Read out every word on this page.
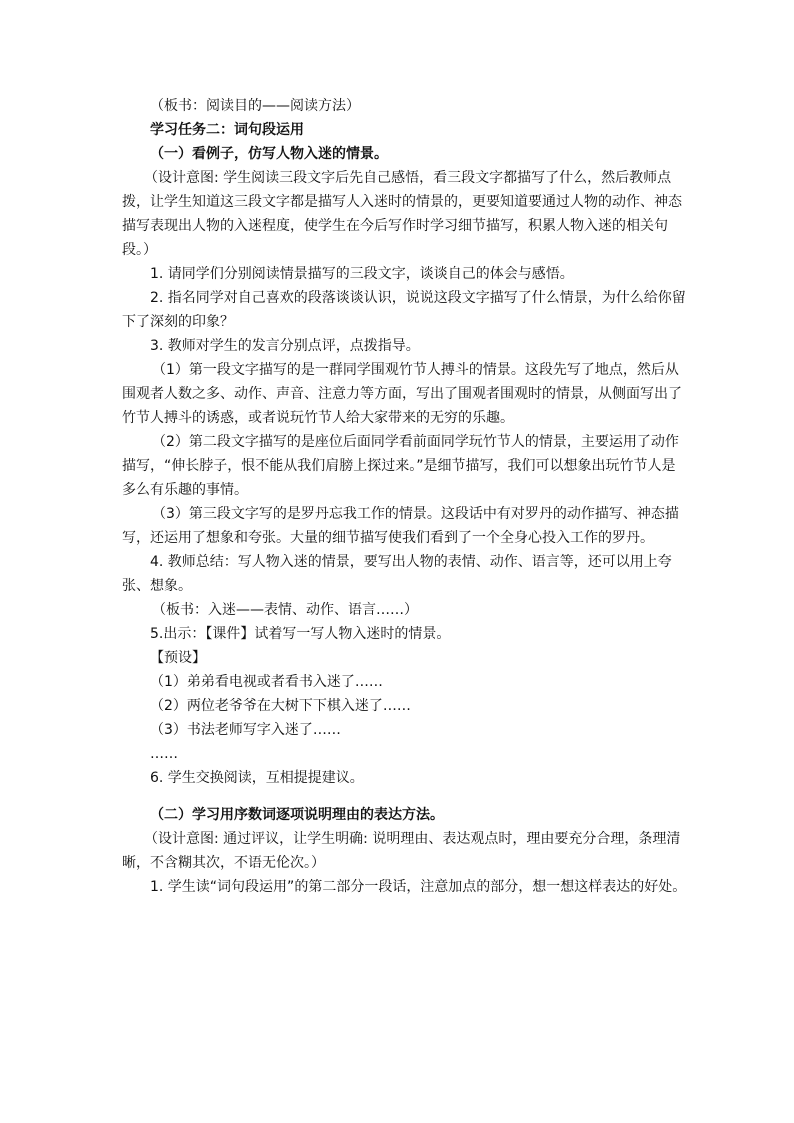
（板书：阅读目的——阅读方法）

学习任务二：词句段运用

（一）看例子，仿写人物入迷的情景。

（设计意图: 学生阅读三段文字后先自己感悟，看三段文字都描写了什么，然后教师点拨，让学生知道这三段文字都是描写人入迷时的情景的，更要知道要通过人物的动作、神态描写表现出人物的入迷程度，使学生在今后写作时学习细节描写，积累人物入迷的相关句段。）

1. 请同学们分别阅读情景描写的三段文字，谈谈自己的体会与感悟。

2. 指名同学对自己喜欢的段落谈谈认识，说说这段文字描写了什么情景，为什么给你留下了深刻的印象？

3. 教师对学生的发言分别点评，点拨指导。

（1）第一段文字描写的是一群同学围观竹节人搏斗的情景。这段先写了地点，然后从围观者人数之多、动作、声音、注意力等方面，写出了围观者围观时的情景，从侧面写出了竹节人搏斗的诱惑，或者说玩竹节人给大家带来的无穷的乐趣。

（2）第二段文字描写的是座位后面同学看前面同学玩竹节人的情景，主要运用了动作描写，“伸长脖子，恨不能从我们肩膀上探过来。”是细节描写，我们可以想象出玩竹节人是多么有乐趣的事情。

（3）第三段文字写的是罗丹忘我工作的情景。这段话中有对罗丹的动作描写、神态描写，还运用了想象和夸张。大量的细节描写使我们看到了一个全身心投入工作的罗丹。

4. 教师总结：写人物入迷的情景，要写出人物的表情、动作、语言等，还可以用上夸张、想象。

（板书：入迷——表情、动作、语言……）

5.出示：【课件】试着写一写人物入迷时的情景。

【预设】

（1）弟弟看电视或者看书入迷了……

（2）两位老爷爷在大树下下棋入迷了……

（3）书法老师写字入迷了……

……

6. 学生交换阅读，互相提提建议。

（二）学习用序数词逐项说明理由的表达方法。

（设计意图: 通过评议，让学生明确: 说明理由、表达观点时，理由要充分合理，条理清晰，不含糊其次，不语无伦次。）

1. 学生读“词句段运用”的第二部分一段话，注意加点的部分，想一想这样表达的好处。
